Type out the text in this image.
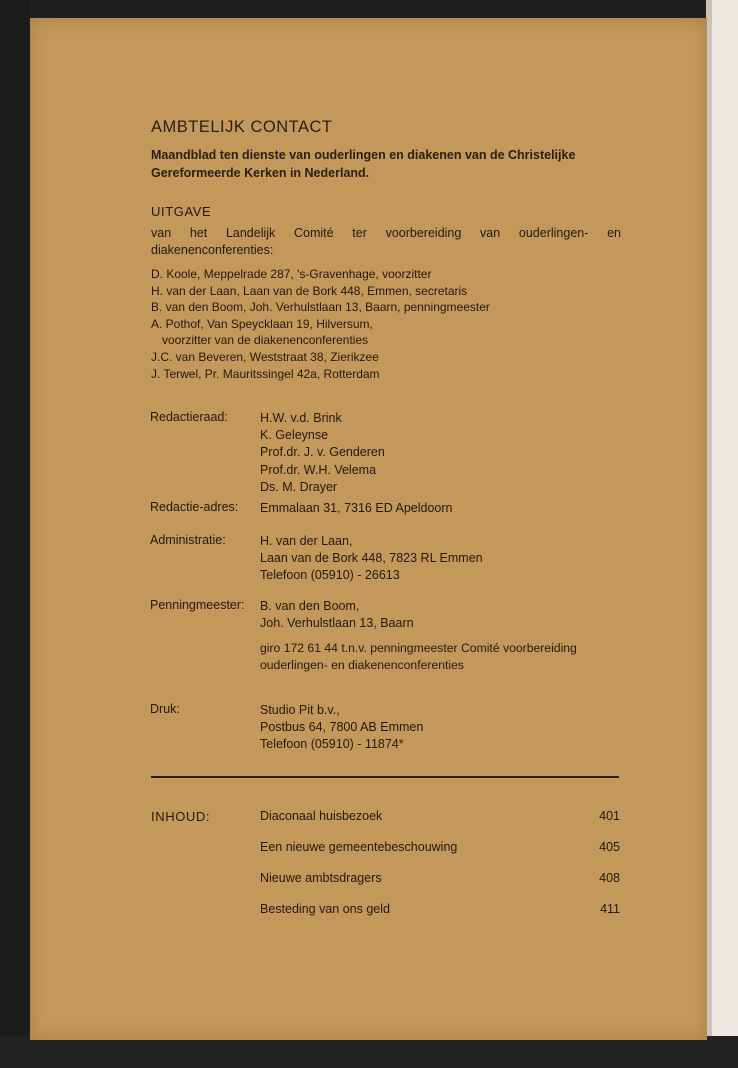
AMBTELIJK CONTACT
Maandblad ten dienste van ouderlingen en diakenen van de Christelijke Gereformeerde Kerken in Nederland.
UITGAVE
van het Landelijk Comité ter voorbereiding van ouderlingen- en diakenenconferenties:
D. Koole, Meppelrade 287, 's-Gravenhage, voorzitter
H. van der Laan, Laan van de Bork 448, Emmen, secretaris
B. van den Boom, Joh. Verhulstlaan 13, Baarn, penningmeester
A. Pothof, Van Speycklaan 19, Hilversum,
voorzitter van de diakenenconferenties
J.C. van Beveren, Weststraat 38, Zierikzee
J. Terwel, Pr. Mauritssingel 42a, Rotterdam
Redactieraad:	H.W. v.d. Brink
K. Geleynse
Prof.dr. J. v. Genderen
Prof.dr. W.H. Velema
Ds. M. Drayer
Redactie-adres: Emmalaan 31, 7316 ED Apeldoorn
Administratie:	H. van der Laan,
Laan van de Bork 448, 7823 RL Emmen
Telefoon (05910) - 26613
Penningmeester: B. van den Boom,
Joh. Verhulstlaan 13, Baarn
giro 172 61 44 t.n.v. penningmeester Comité voorbereiding ouderlingen- en diakenenconferenties
Druk:	Studio Pit b.v.,
Postbus 64, 7800 AB Emmen
Telefoon (05910) - 11874*
INHOUD:	Diaconaal huisbezoek	401
Een nieuwe gemeentebeschouwing	405
Nieuwe ambtsdragers	408
Besteding van ons geld	411
